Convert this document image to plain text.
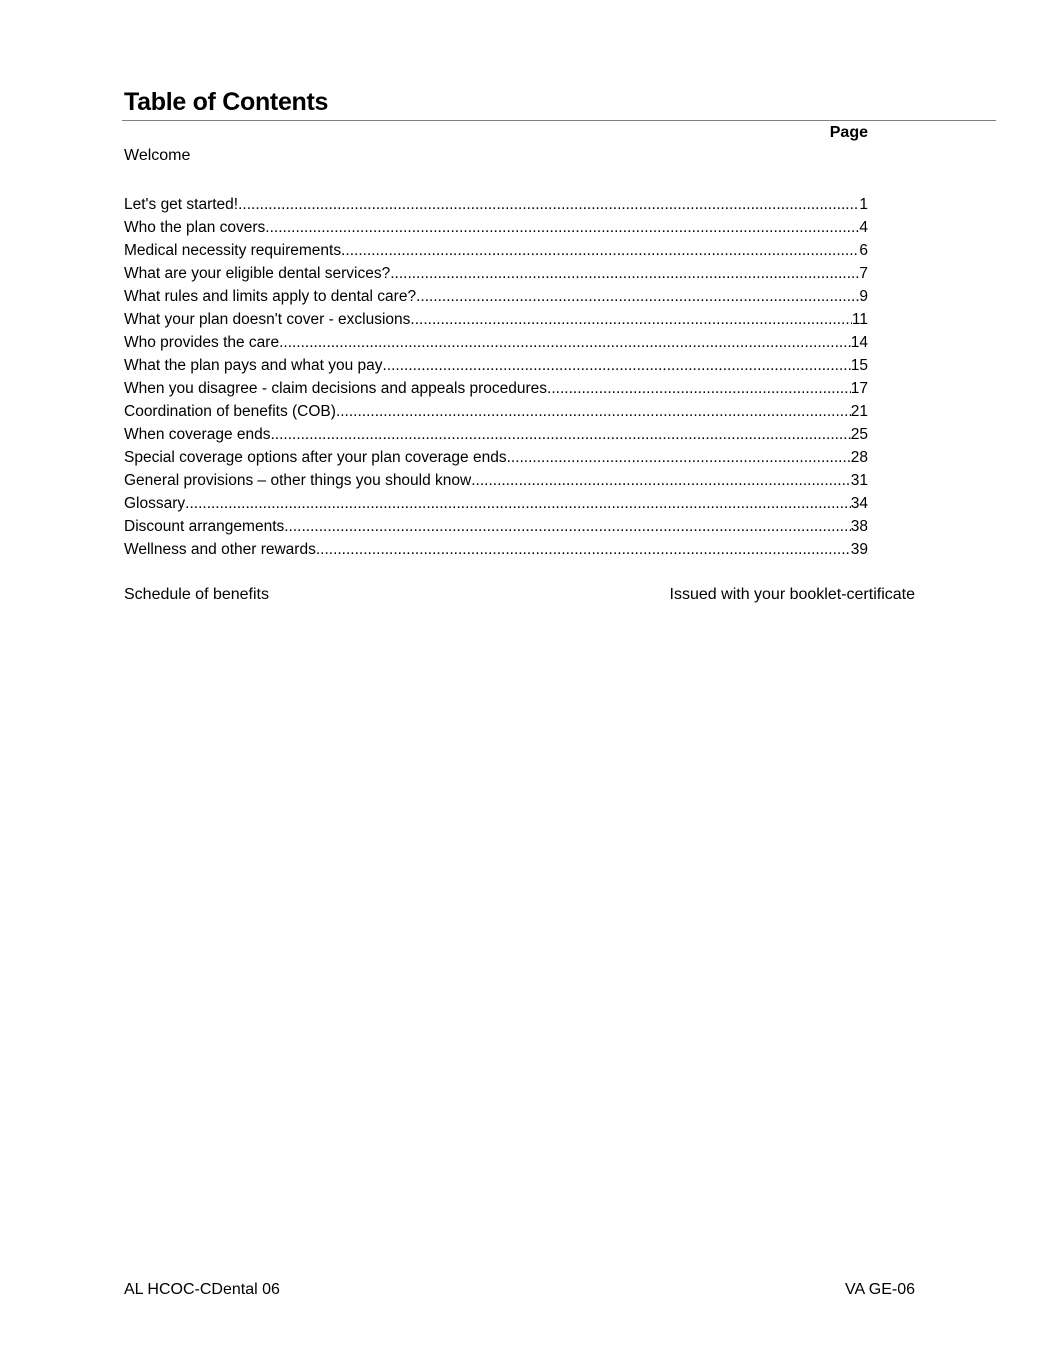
Table of Contents
Page
Welcome
Let's get started! .....	1
Who the plan covers .....	4
Medical necessity requirements .....	6
What are your eligible dental services? .....	7
What rules and limits apply to dental care? .....	9
What your plan doesn't cover - exclusions .....	11
Who provides the care .....	14
What the plan pays and what you pay .....	15
When you disagree - claim decisions and appeals procedures .....	17
Coordination of benefits (COB) .....	21
When coverage ends .....	25
Special coverage options after your plan coverage ends .....	28
General provisions – other things you should know .....	31
Glossary .....	34
Discount arrangements .....	38
Wellness and other rewards .....	39
Schedule of benefits	Issued with your booklet-certificate
AL HCOC-CDental 06	VA GE-06
